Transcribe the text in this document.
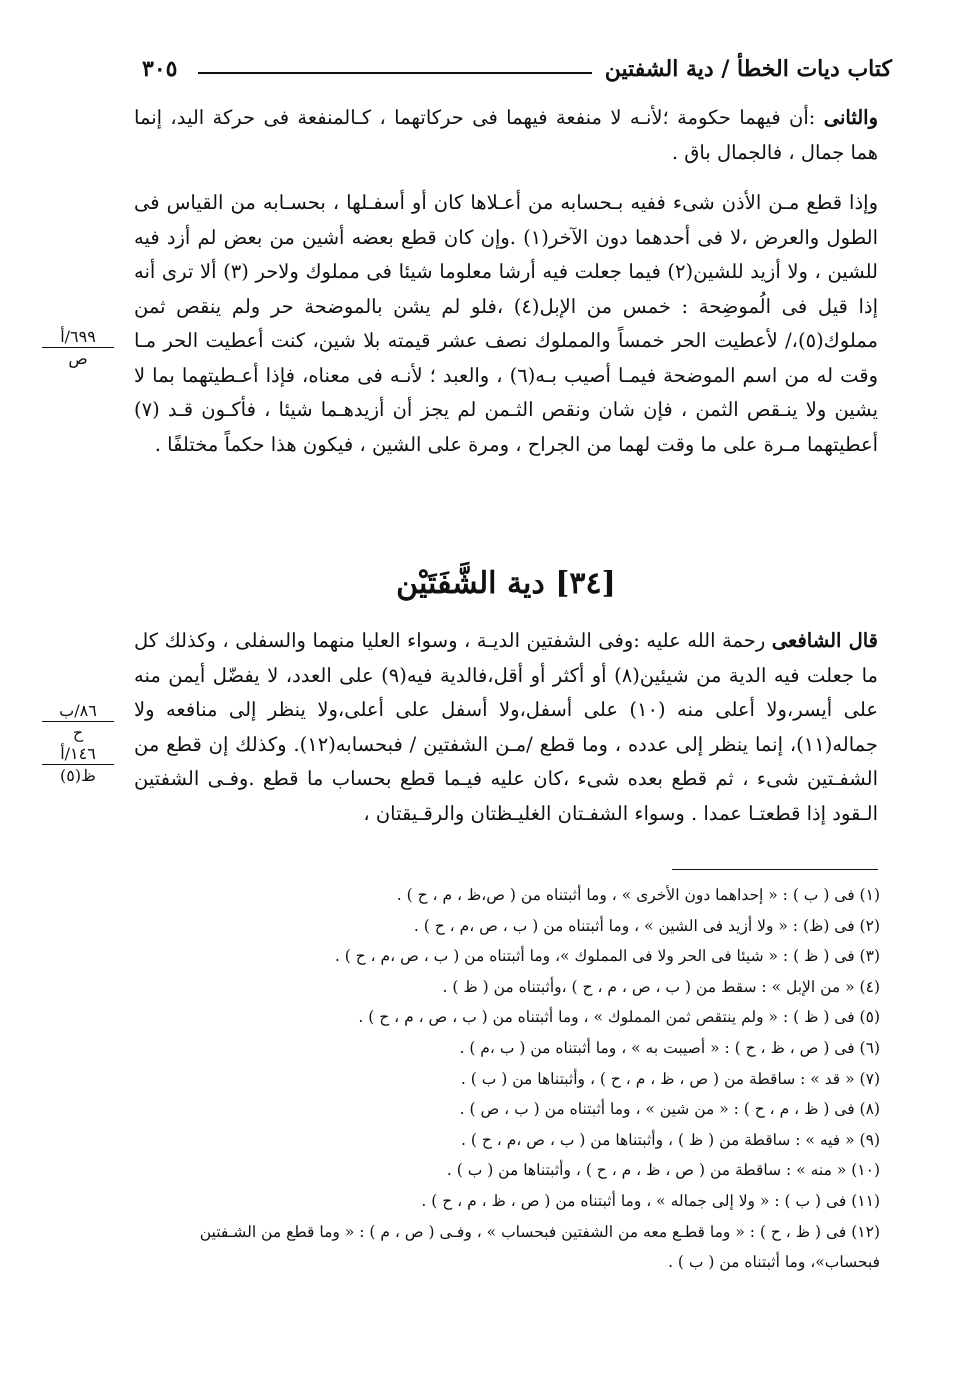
كتاب ديات الخطأ / دية الشفتين
٣٠٥

والثانى :أن فيهما حكومة ؛لأنـه لا منفعة فيهما فى حركاتهما ، كـالمنفعة فى حركة اليد، إنما هما جمال ، فالجمال باق .

وإذا قطع مـن الأذن شىء ففيه بـحسابه من أعـلاها كان أو أسفـلها ، بحسـابه من القياس فى الطول والعرض ،لا فى أحدهما دون الآخر(١) .وإن كان قطع بعضه أشين من بعض لم أزد فيه للشين ، ولا أزيد للشين(٢) فيما جعلت فيه أرشا معلوما شيئا فى مملوك ولاحر (٣) ألا ترى أنه إذا قيل فى الُموضِحة : خمس من الإبل(٤) ،فلو لم يشن بالموضحة حر ولم ينقص ثمن مملوك(٥)،/ لأعطيت الحر خمساً والمملوك نصف عشر قيمته بلا شين، كنت أعطيت الحر مـا وقت له من اسم الموضحة فيمـا أصيب بـه(٦) ، والعبد ؛ لأنـه فى معناه، فإذا أعـطيتهما بما لا يشين ولا ينـقص الثمن ، فإن شان ونقص الثـمن لم يجز أن أزيدهـما شيئا ، فأكـون قـد (٧) أعطيتهما مـرة على ما وقت لهما من الجراح ، ومرة على الشين ، فيكون هذا حكماً مختلفًا .

٦٩٩/أ
ص
[٣٤] دية الشَّفَتَيْن

قال الشافعى رحمة الله عليه :وفى الشفتين الديـة ، وسواء العليا منهما والسفلى ، وكذلك كل ما جعلت فيه الدية من شيئين(٨) أو أكثر أو أقل،فالدية فيه(٩) على العدد، لا يفضّل أيمن منه على أيسر،ولا أعلى منه (١٠) على أسفل،ولا أسفل على أعلى،ولا ينظر إلى منافعه ولا جماله(١١)، إنما ينظر إلى عدده ، وما قطع /مـن الشفتين / فبحسابه(١٢). وكذلك إن قطع من الشفـتين شىء ، ثم قطع بعده شىء ،كان عليه فيـما قطع بحساب ما قطع .وفـى الشفتين الـقود إذا قطعتـا عمدا . وسواء الشفـتان الغليـظتان والرقـيقتان ،

٨٦/ب
ح
١٤٦/أ
ظ(٥)
(١) فى ( ب ) : « إحداهما دون الأخرى » ، وما أثبتناه من ( ص،ظ ، م ، ح ) .
(٢) فى (ظ) : « ولا أزيد فى الشين » ، وما أثبتناه من ( ب ، ص ،م ، ح ) .
(٣) فى ( ظ ) : « شيئا فى الحر ولا فى المملوك »، وما أثبتناه من ( ب ، ص ،م ، ح ) .
(٤) « من الإبل » : سقط من ( ب ، ص ، م ، ح ) ،وأثبتناه من ( ظ ) .
(٥) فى ( ظ ) : « ولم ينتقص ثمن المملوك » ، وما أثبتناه من ( ب ، ص ، م ، ح ) .
(٦) فى ( ص ، ظ ، ح ) : « أصيبت به » ، وما أثبتناه من ( ب ،م ) .
(٧) « قد » : ساقطة من ( ص ، ظ ، م ، ح ) ، وأثبتناها من ( ب ) .
(٨) فى ( ظ ، م ، ح ) : « من شين » ، وما أثبتناه من ( ب ، ص ) .
(٩) « فيه » : ساقطة من ( ظ ) ، وأثبتناها من ( ب ، ص ،م ، ح ) .
(١٠) « منه » : ساقطة من ( ص ، ظ ، م ، ح ) ، وأثبتناها من ( ب ) .
(١١) فى ( ب ) : « ولا إلى جماله » ، وما أثبتناه من ( ص ، ظ ، م ، ح ) .
(١٢) فى ( ظ ، ح ) : « وما قطـع معه من الشفتين فبحساب » ، وفـى ( ص ، م ) : « وما قطع من الشـفتين فبحساب»، وما أثبتناه من ( ب ) .
